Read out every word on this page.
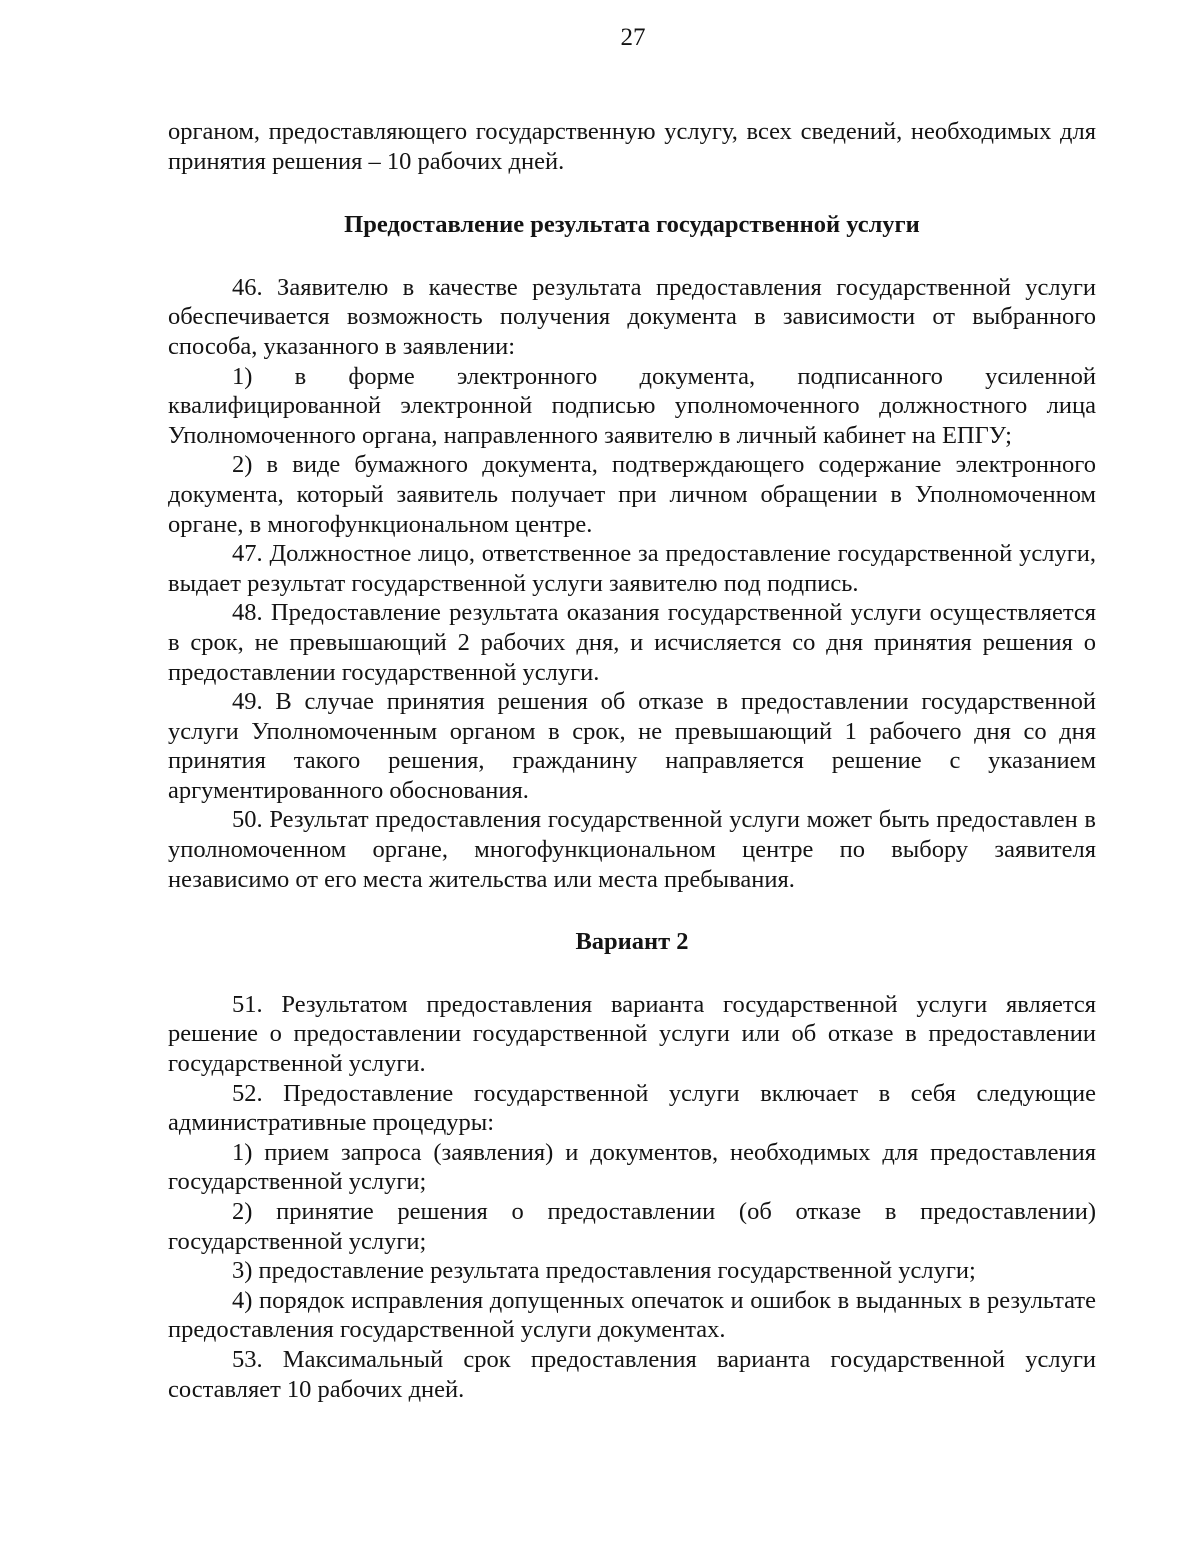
27

органом, предоставляющего государственную услугу, всех сведений, необходимых для принятия решения – 10 рабочих дней.

Предоставление результата государственной услуги

46. Заявителю в качестве результата предоставления государственной услуги обеспечивается возможность получения документа в зависимости от выбранного способа, указанного в заявлении:

1) в форме электронного документа, подписанного усиленной квалифицированной электронной подписью уполномоченного должностного лица Уполномоченного органа, направленного заявителю в личный кабинет на ЕПГУ;

2) в виде бумажного документа, подтверждающего содержание электронного документа, который заявитель получает при личном обращении в Уполномоченном органе, в многофункциональном центре.

47. Должностное лицо, ответственное за предоставление государственной услуги, выдает результат государственной услуги заявителю под подпись.

48. Предоставление результата оказания государственной услуги осуществляется в срок, не превышающий 2 рабочих дня, и исчисляется со дня принятия решения о предоставлении государственной услуги.

49. В случае принятия решения об отказе в предоставлении государственной услуги Уполномоченным органом в срок, не превышающий 1 рабочего дня со дня принятия такого решения, гражданину направляется решение с указанием аргументированного обоснования.

50. Результат предоставления государственной услуги может быть предоставлен в уполномоченном органе, многофункциональном центре по выбору заявителя независимо от его места жительства или места пребывания.

Вариант 2

51. Результатом предоставления варианта государственной услуги является решение о предоставлении государственной услуги или об отказе в предоставлении государственной услуги.

52. Предоставление государственной услуги включает в себя следующие административные процедуры:

1) прием запроса (заявления) и документов, необходимых для предоставления государственной услуги;

2) принятие решения о предоставлении (об отказе в предоставлении) государственной услуги;

3) предоставление результата предоставления государственной услуги;

4) порядок исправления допущенных опечаток и ошибок в выданных в результате предоставления государственной услуги документах.

53. Максимальный срок предоставления варианта государственной услуги составляет 10 рабочих дней.
